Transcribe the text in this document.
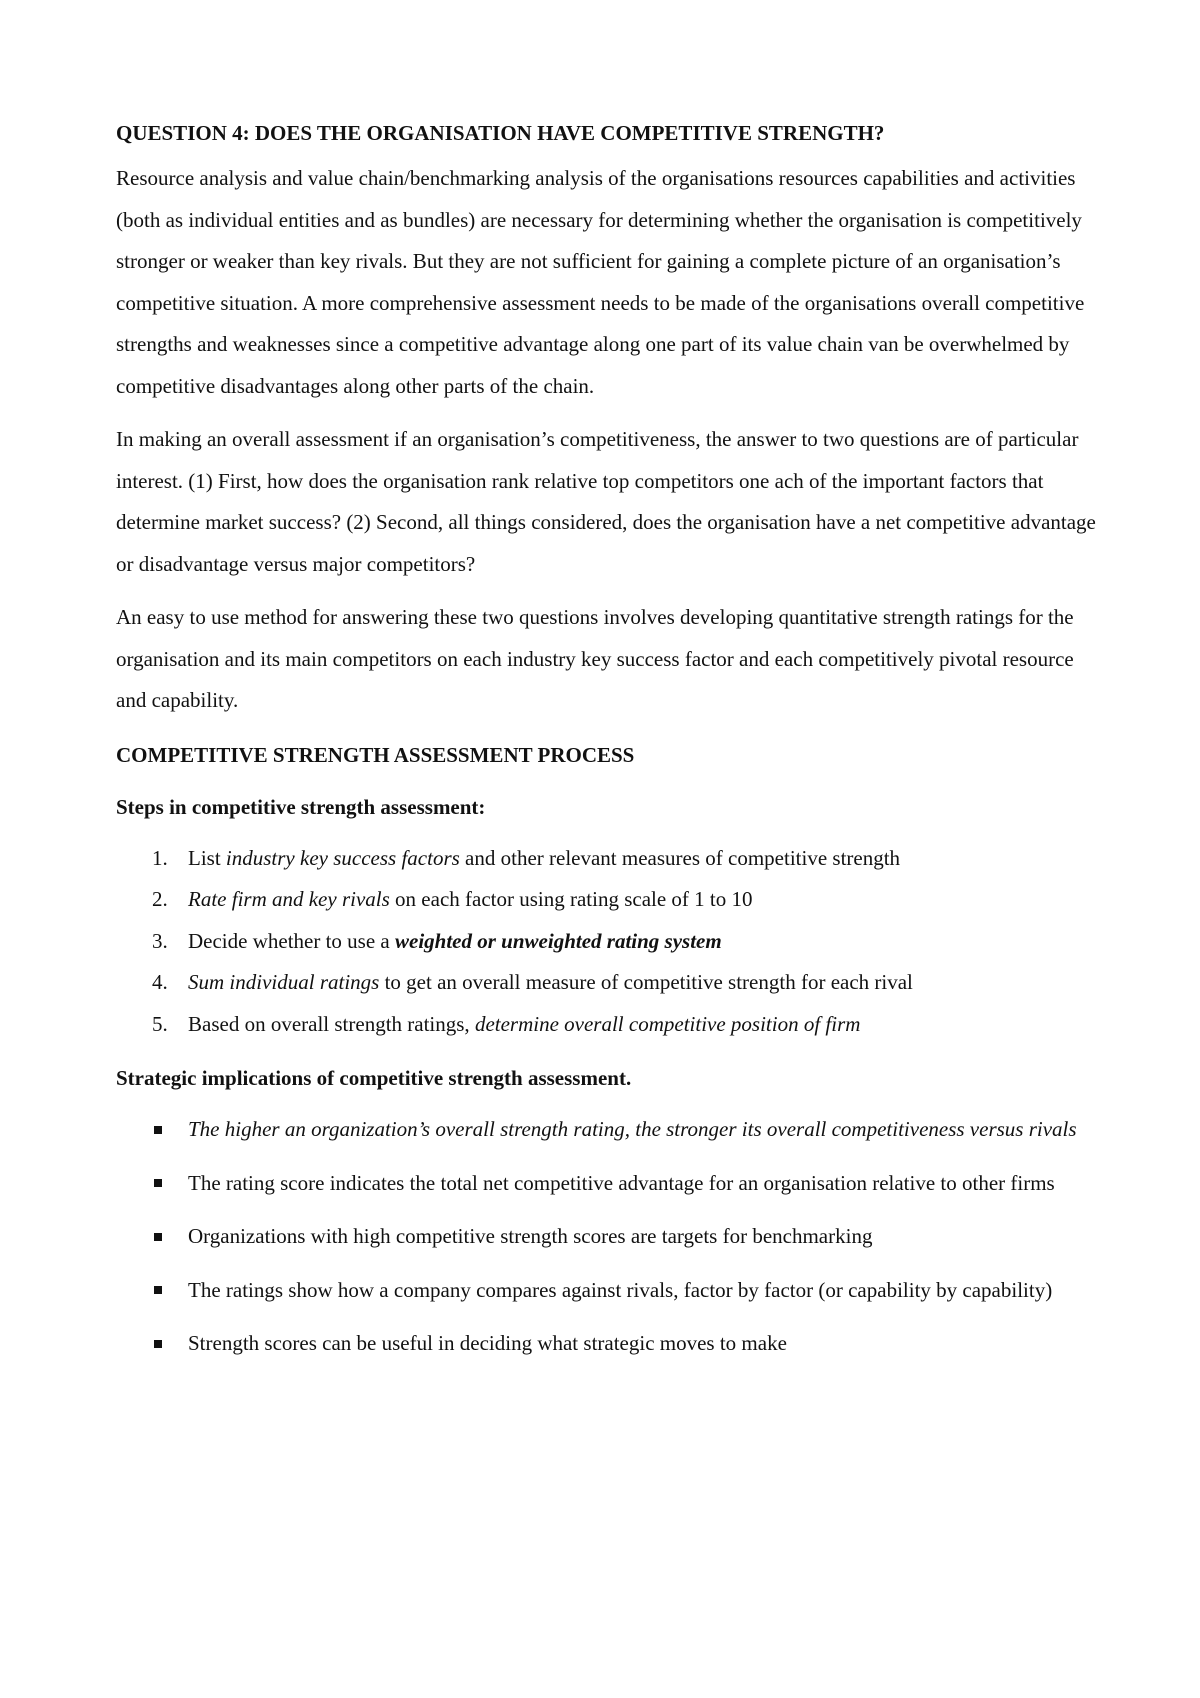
QUESTION 4: DOES THE ORGANISATION HAVE COMPETITIVE STRENGTH?

Resource analysis and value chain/benchmarking analysis of the organisations resources capabilities and activities (both as individual entities and as bundles) are necessary for determining whether the organisation is competitively stronger or weaker than key rivals. But they are not sufficient for gaining a complete picture of an organisation’s competitive situation. A more comprehensive assessment needs to be made of the organisations overall competitive strengths and weaknesses since a competitive advantage along one part of its value chain van be overwhelmed by competitive disadvantages along other parts of the chain.

In making an overall assessment if an organisation’s competitiveness, the answer to two questions are of particular interest. (1) First, how does the organisation rank relative top competitors one ach of the important factors that determine market success? (2) Second, all things considered, does the organisation have a net competitive advantage or disadvantage versus major competitors?

An easy to use method for answering these two questions involves developing quantitative strength ratings for the organisation and its main competitors on each industry key success factor and each competitively pivotal resource and capability.

COMPETITIVE STRENGTH ASSESSMENT PROCESS
Steps in competitive strength assessment:
1. List industry key success factors and other relevant measures of competitive strength
2. Rate firm and key rivals on each factor using rating scale of 1 to 10
3. Decide whether to use a weighted or unweighted rating system
4. Sum individual ratings to get an overall measure of competitive strength for each rival
5. Based on overall strength ratings, determine overall competitive position of firm
Strategic implications of competitive strength assessment.
The higher an organization’s overall strength rating, the stronger its overall competitiveness versus rivals
The rating score indicates the total net competitive advantage for an organisation relative to other firms
Organizations with high competitive strength scores are targets for benchmarking
The ratings show how a company compares against rivals, factor by factor (or capability by capability)
Strength scores can be useful in deciding what strategic moves to make
